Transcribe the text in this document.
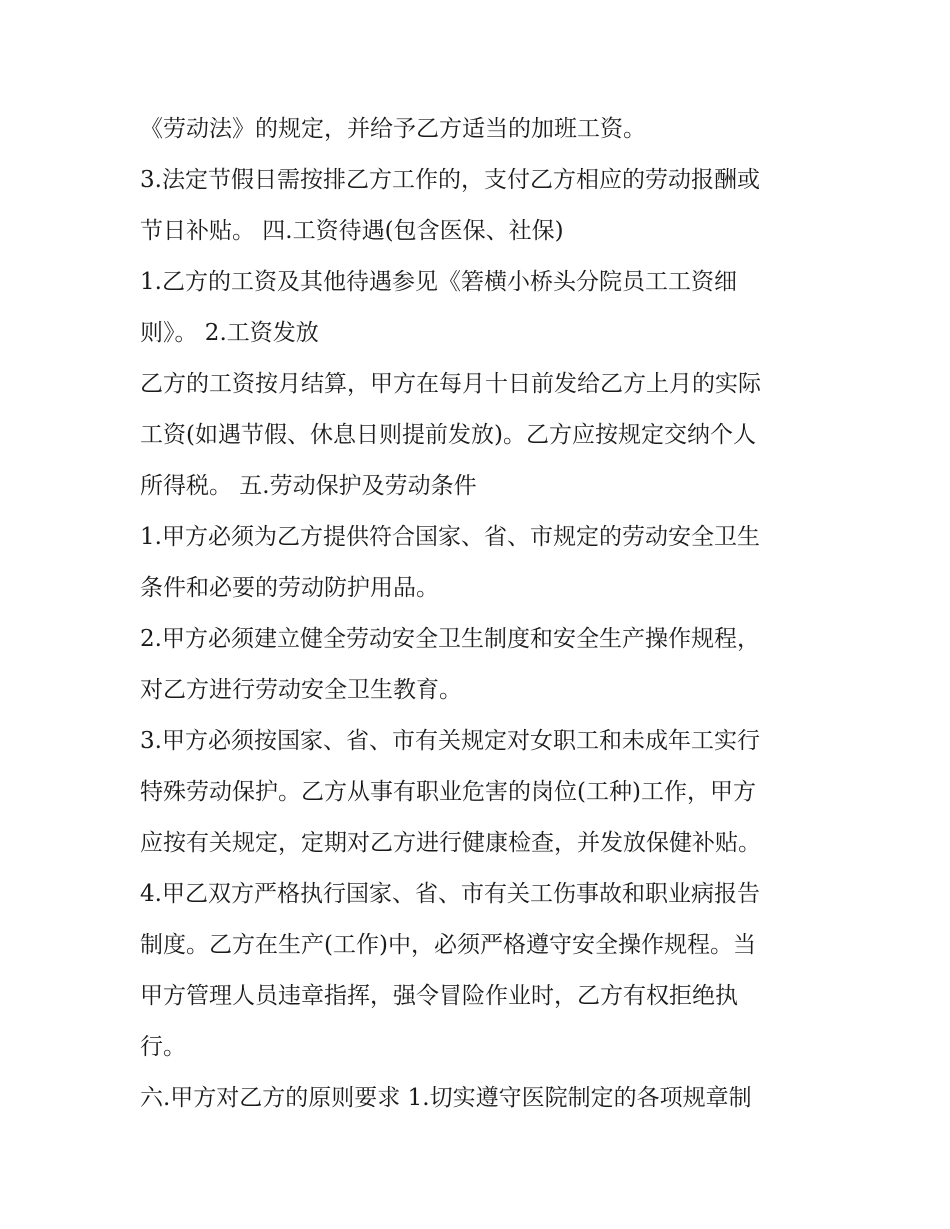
《劳动法》的规定，并给予乙方适当的加班工资。
3.法定节假日需按排乙方工作的，支付乙方相应的劳动报酬或
节日补贴。 四.工资待遇(包含医保、社保)
1.乙方的工资及其他待遇参见《箬横小桥头分院员工工资细
则》。 2.工资发放
乙方的工资按月结算，甲方在每月十日前发给乙方上月的实际
工资(如遇节假、休息日则提前发放)。乙方应按规定交纳个人
所得税。 五.劳动保护及劳动条件
1.甲方必须为乙方提供符合国家、省、市规定的劳动安全卫生
条件和必要的劳动防护用品。
2.甲方必须建立健全劳动安全卫生制度和安全生产操作规程，
对乙方进行劳动安全卫生教育。
3.甲方必须按国家、省、市有关规定对女职工和未成年工实行
特殊劳动保护。乙方从事有职业危害的岗位(工种)工作，甲方
应按有关规定，定期对乙方进行健康检查，并发放保健补贴。
4.甲乙双方严格执行国家、省、市有关工伤事故和职业病报告
制度。乙方在生产(工作)中，必须严格遵守安全操作规程。当
甲方管理人员违章指挥，强令冒险作业时，乙方有权拒绝执
行。
六.甲方对乙方的原则要求 1.切实遵守医院制定的各项规章制
